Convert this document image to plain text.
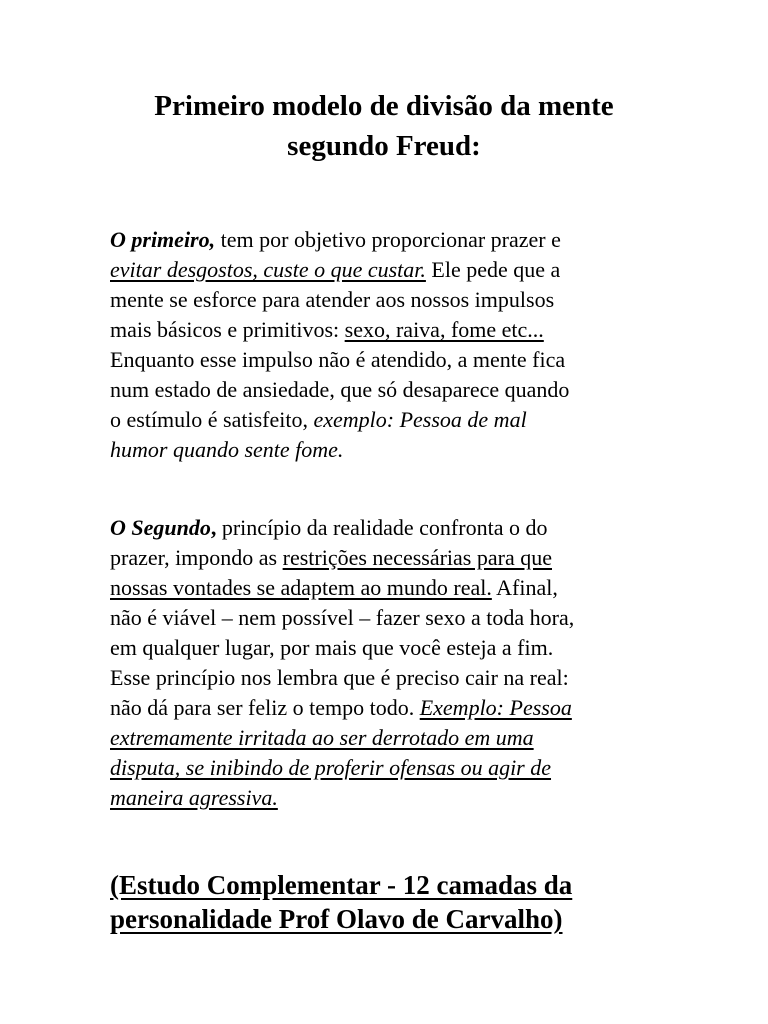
Primeiro modelo de divisão da mente
segundo Freud:

O primeiro, tem por objetivo proporcionar prazer e
evitar desgostos, custe o que custar. Ele pede que a
mente se esforce para atender aos nossos impulsos
mais básicos e primitivos: sexo, raiva, fome etc...
Enquanto esse impulso não é atendido, a mente fica
num estado de ansiedade, que só desaparece quando
o estímulo é satisfeito, exemplo: Pessoa de mal
humor quando sente fome.

O Segundo, princípio da realidade confronta o do
prazer, impondo as restrições necessárias para que
nossas vontades se adaptem ao mundo real. Afinal,
não é viável – nem possível – fazer sexo a toda hora,
em qualquer lugar, por mais que você esteja a fim.
Esse princípio nos lembra que é preciso cair na real:
não dá para ser feliz o tempo todo. Exemplo: Pessoa
extremamente irritada ao ser derrotado em uma
disputa, se inibindo de proferir ofensas ou agir de
maneira agressiva.

(Estudo Complementar - 12 camadas da
personalidade Prof Olavo de Carvalho)
